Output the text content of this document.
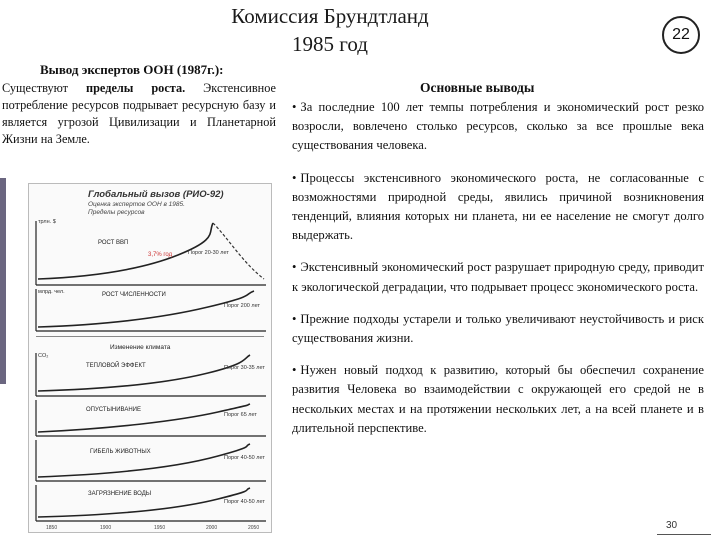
Комиссия Брундтланд
1985 год	22
Вывод экспертов ООН (1987г.):
Существуют пределы роста. Экстенсивное потребление ресурсов подрывает ресурсную базу и является угрозой Цивилизации и Планетарной Жизни на Земле.
Глобальный вызов (РИО-92)
Оценка экспертов ООН в 1985.
Пределы ресурсов
трлн. $
РОСТ ВВП
3,7% год	Порог 20-30 лет
млрд. чел.	РОСТ ЧИСЛЕННОСТИ
Порог 200 лет
Изменение климата
CO₂
ТЕПЛОВОЙ ЭФФЕКТ	Порог 30-35 лет
ОПУСТЫНИВАНИЕ
Порог 65 лет
ГИБЕЛЬ ЖИВОТНЫХ
Порог 40-50 лет
ЗАГРЯЗНЕНИЕ ВОДЫ
Порог 40-50 лет
1850	1900	1950	2000	2050
Основные выводы
• За последние 100 лет темпы потребления и экономический рост резко возросли, вовлечено столько ресурсов, сколько за все прошлые века существования человека.
• Процессы экстенсивного экономического роста, не согласованные с возможностями природной среды, явились причиной возникновения тенденций, влияния которых ни планета, ни ее население не смогут долго выдержать.
• Экстенсивный экономический рост разрушает природную среду, приводит к экологической деградации, что подрывает процесс экономического роста.
• Прежние подходы устарели и только увеличивают неустойчивость и риск существования жизни.
• Нужен новый подход к развитию, который бы обеспечил сохранение развития Человека во взаимодействии с окружающей его средой не в нескольких местах и на протяжении нескольких лет, а на всей планете и в длительной перспективе.
30
